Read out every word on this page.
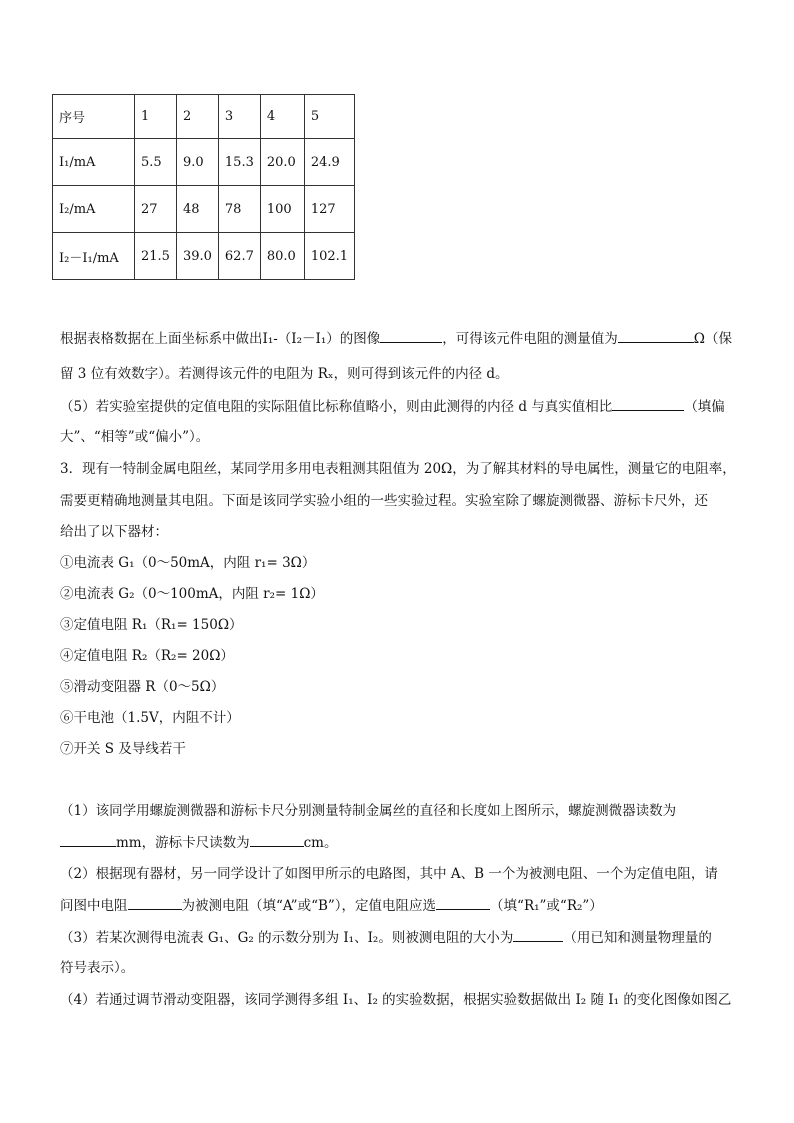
序号	1	2	3	4	5
I₁/mA	5.5	9.0	15.3	20.0	24.9
I₂/mA	27	48	78	100	127
I₂－I₁/mA	21.5	39.0	62.7	80.0	102.1
根据表格数据在上面坐标系中做出I₁-（I₂－I₁）的图像	，可得该元件电阻的测量值为	Ω（保
留 3 位有效数字）。若测得该元件的电阻为 Rₓ，则可得到该元件的内径 d。
（5）若实验室提供的定值电阻的实际阻值比标称值略小，则由此测得的内径 d 与真实值相比	（填偏
大”、“相等”或“偏小”）。
3．现有一特制金属电阻丝，某同学用多用电表粗测其阻值为 20Ω，为了解其材料的导电属性，测量它的电阻率，
需要更精确地测量其电阻。下面是该同学实验小组的一些实验过程。实验室除了螺旋测微器、游标卡尺外，还
给出了以下器材：
①电流表 G₁（0～50mA，内阻 r₁= 3Ω）
②电流表 G₂（0～100mA，内阻 r₂= 1Ω）
③定值电阻 R₁（R₁= 150Ω）
④定值电阻 R₂（R₂= 20Ω）
⑤滑动变阻器 R（0～5Ω）
⑥干电池（1.5V，内阻不计）
⑦开关 S 及导线若干
（1）该同学用螺旋测微器和游标卡尺分别测量特制金属丝的直径和长度如上图所示，螺旋测微器读数为
mm，游标卡尺读数为	cm。
（2）根据现有器材，另一同学设计了如图甲所示的电路图，其中 A、B 一个为被测电阻、一个为定值电阻，请
问图中电阻	为被测电阻（填“A”或“B”），定值电阻应选	（填“R₁”或“R₂”）
（3）若某次测得电流表 G₁、G₂ 的示数分别为 I₁、I₂。则被测电阻的大小为	（用已知和测量物理量的
符号表示）。
（4）若通过调节滑动变阻器，该同学测得多组 I₁、I₂ 的实验数据，根据实验数据做出 I₂ 随 I₁ 的变化图像如图乙
